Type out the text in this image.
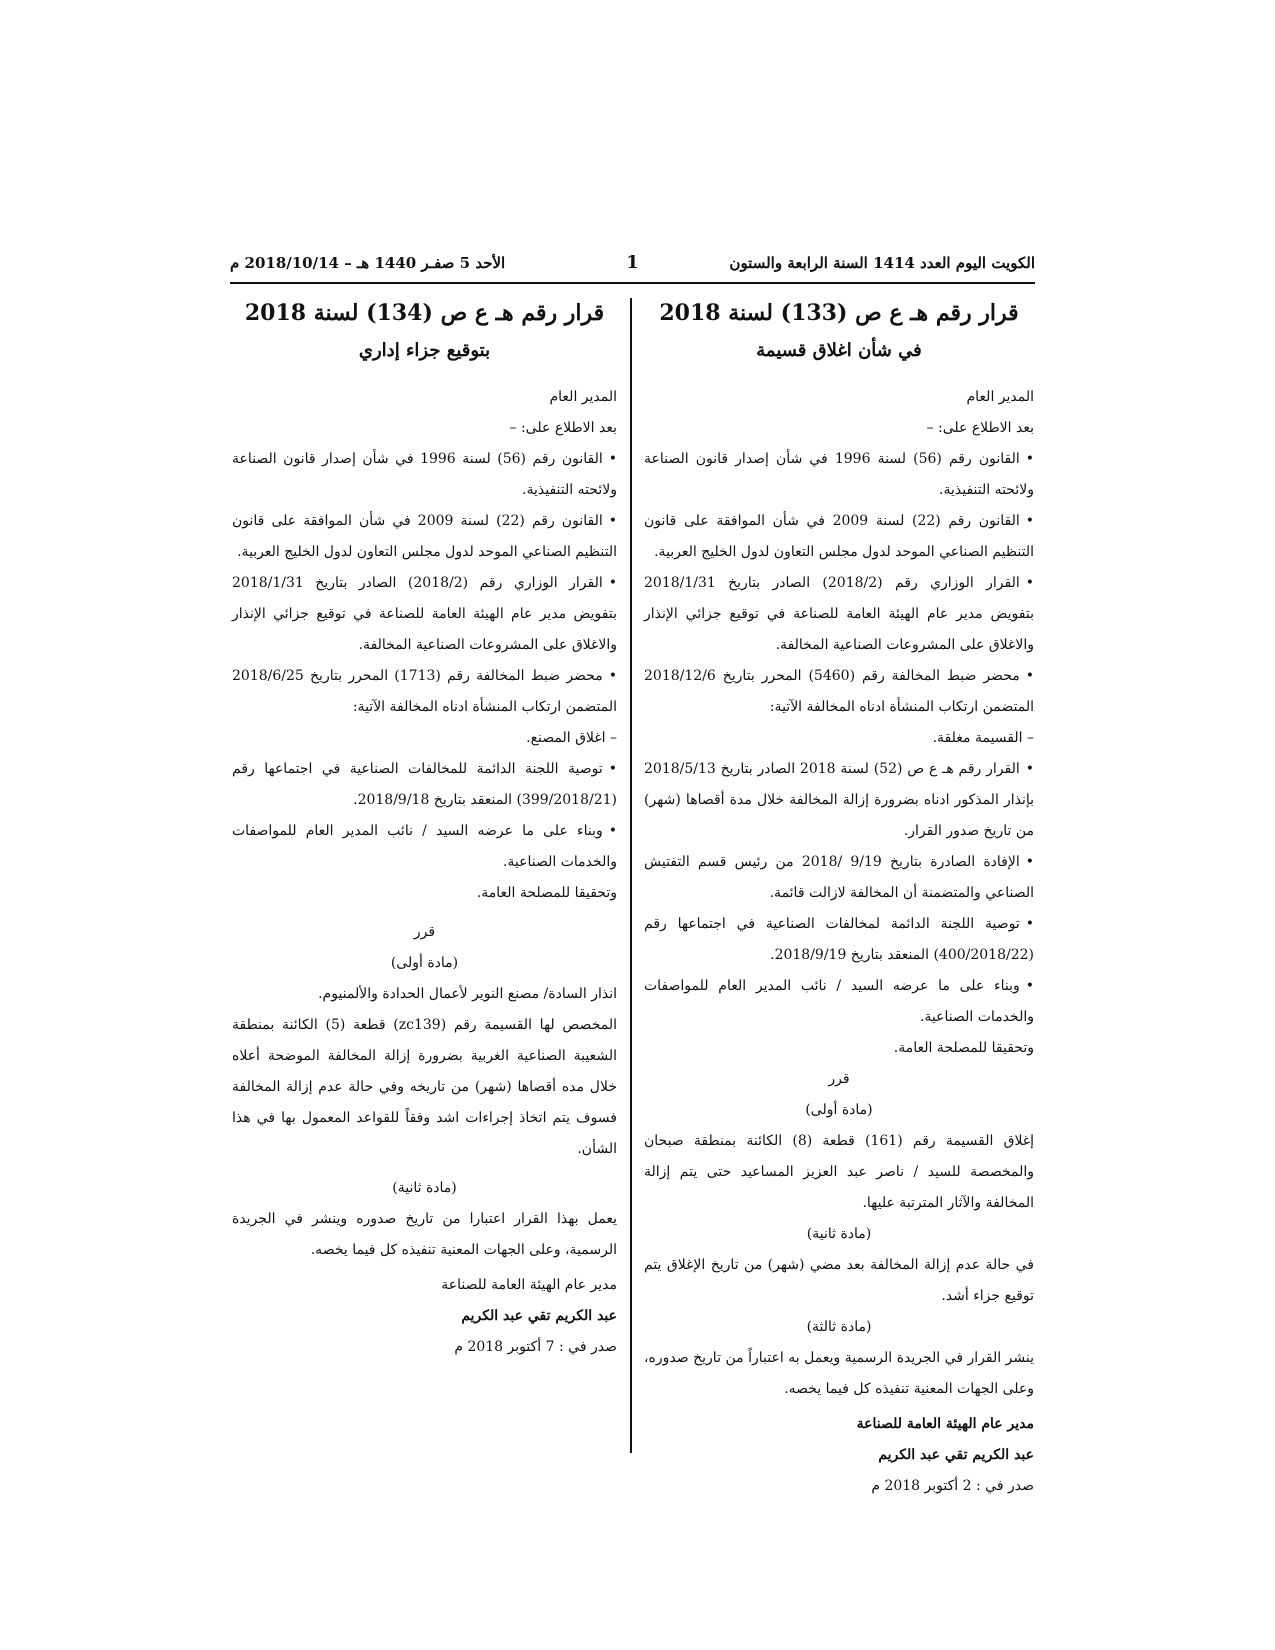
الكويت اليوم العدد 1414 السنة الرابعة والستون
1
الأحد 5 صفـر 1440 هـ – 2018/10/14 م
قرار رقم هـ ع ص (133) لسنة 2018
في شأن اغلاق قسيمة

المدير العام

بعد الاطلاع على: –

• القانون رقم (56) لسنة 1996 في شأن إصدار قانون الصناعة ولائحته التنفيذية.

• القانون رقم (22) لسنة 2009 في شأن الموافقة على قانون التنظيم الصناعي الموحد لدول مجلس التعاون لدول الخليج العربية.

• القرار الوزاري رقم (2018/2) الصادر بتاريخ 2018/1/31 بتفويض مدير عام الهيئة العامة للصناعة في توقيع جزائي الإنذار والاغلاق على المشروعات الصناعية المخالفة.

• محضر ضبط المخالفة رقم (5460) المحرر بتاريخ 2018/12/6 المتضمن ارتكاب المنشأة ادناه المخالفة الآتية:

– القسيمة مغلقة.

• القرار رقم هـ ع ص (52) لسنة 2018 الصادر بتاريخ 2018/5/13 بإنذار المذكور ادناه بضرورة إزالة المخالفة خلال مدة أقصاها (شهر) من تاريخ صدور القرار.

• الإفادة الصادرة بتاريخ 9/19 /2018 من رئيس قسم التفتيش الصناعي والمتضمنة أن المخالفة لازالت قائمة.

• توصية اللجنة الدائمة لمخالفات الصناعية في اجتماعها رقم (400/2018/22) المنعقد بتاريخ 2018/9/19.

• وبناء على ما عرضه السيد / نائب المدير العام للمواصفات والخدمات الصناعية.

وتحقيقا للمصلحة العامة.

قرر

(مادة أولى)

إغلاق القسيمة رقم (161) قطعة (8) الكائنة بمنطقة صبحان والمخصصة للسيد / ناصر عبد العزيز المساعيد حتى يتم إزالة المخالفة والآثار المترتبة عليها.

(مادة ثانية)

في حالة عدم إزالة المخالفة بعد مضي (شهر) من تاريخ الإغلاق يتم توقيع جزاء أشد.

(مادة ثالثة)

ينشر القرار في الجريدة الرسمية ويعمل به اعتباراً من تاريخ صدوره، وعلى الجهات المعنية تنفيذه كل فيما يخصه.

مدير عام الهيئة العامة للصناعة

عبد الكريم تقي عبد الكريم

صدر في : 2 أكتوبر 2018 م

قرار رقم هـ ع ص (134) لسنة 2018
بتوقيع جزاء إداري

المدير العام

بعد الاطلاع على: –

• القانون رقم (56) لسنة 1996 في شأن إصدار قانون الصناعة ولائحته التنفيذية.

• القانون رقم (22) لسنة 2009 في شأن الموافقة على قانون التنظيم الصناعي الموحد لدول مجلس التعاون لدول الخليج العربية.

• القرار الوزاري رقم (2018/2) الصادر بتاريخ 2018/1/31 بتفويض مدير عام الهيئة العامة للصناعة في توقيع جزائي الإنذار والاغلاق على المشروعات الصناعية المخالفة.

• محضر ضبط المخالفة رقم (1713) المحرر بتاريخ 2018/6/25 المتضمن ارتكاب المنشأة ادناه المخالفة الآتية:

– اغلاق المصنع.

• توصية اللجنة الدائمة للمخالفات الصناعية في اجتماعها رقم (399/2018/21) المنعقد بتاريخ 2018/9/18.

• وبناء على ما عرضه السيد / نائب المدير العام للمواصفات والخدمات الصناعية.

وتحقيقا للمصلحة العامة.

قرر

(مادة أولى)

انذار السادة/ مصنع النوير لأعمال الحدادة والألمنيوم.

المخصص لها القسيمة رقم (zc139) قطعة (5) الكائنة بمنطقة الشعيبة الصناعية الغربية بضرورة إزالة المخالفة الموضحة أعلاه خلال مده أقصاها (شهر) من تاريخه وفي حالة عدم إزالة المخالفة فسوف يتم اتخاذ إجراءات اشد وفقاً للقواعد المعمول بها في هذا الشأن.

(مادة ثانية)

يعمل بهذا القرار اعتبارا من تاريخ صدوره وينشر في الجريدة الرسمية، وعلى الجهات المعنية تنفيذه كل فيما يخصه.

مدير عام الهيئة العامة للصناعة

عبد الكريم تقي عبد الكريم

صدر في : 7 أكتوبر 2018 م
